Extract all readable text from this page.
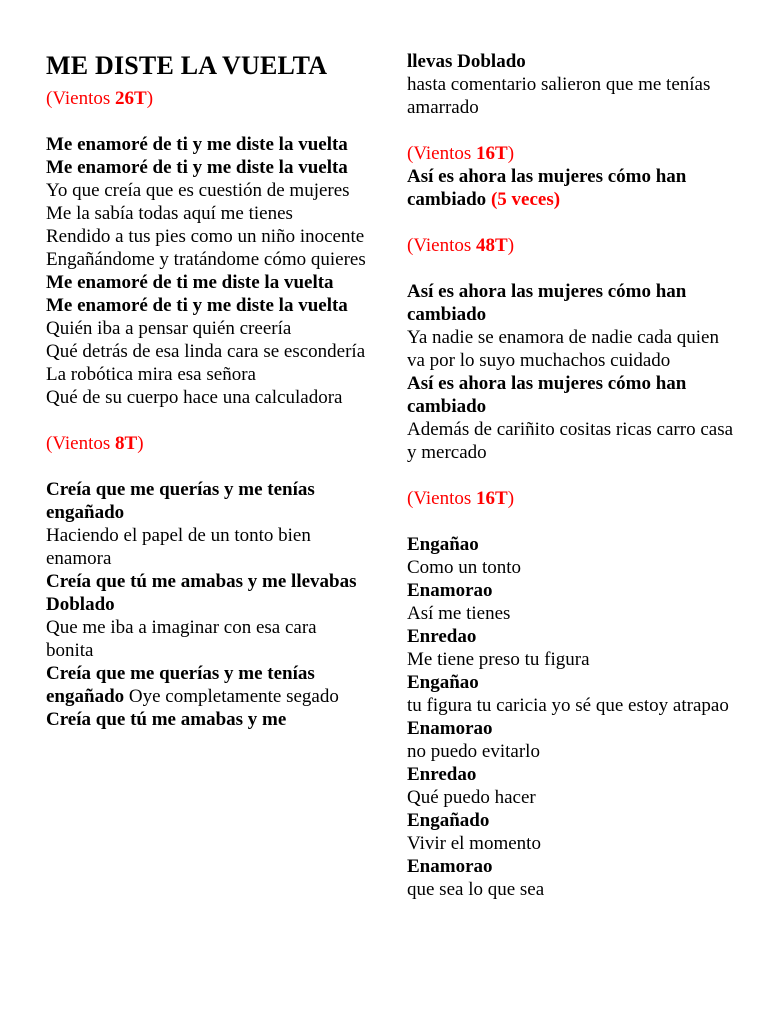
ME DISTE LA VUELTA
(Vientos 26T)
Me enamoré de ti y me diste la vuelta
Me enamoré de ti y me diste la vuelta
Yo que creía que es cuestión de mujeres
Me la sabía todas aquí me tienes
Rendido a tus pies como un niño inocente
Engañándome y tratándome cómo quieres
Me enamoré de ti me diste la vuelta
Me enamoré de ti y me diste la vuelta
Quién iba a pensar quién creería
Qué detrás de esa linda cara se escondería
La robótica mira esa señora
Qué de su cuerpo hace una calculadora
(Vientos 8T)
Creía que me querías y me tenías engañado
Haciendo el papel de un tonto bien enamora
Creía que tú me amabas y me llevabas Doblado
Que me iba a imaginar con esa cara bonita
Creía que me querías y me tenías engañado Oye completamente segado
Creía que tú me amabas y me
llevas Doblado
hasta comentario salieron que me tenías amarrado
(Vientos 16T)
Así es ahora las mujeres cómo han cambiado (5 veces)
(Vientos 48T)
Así es ahora las mujeres cómo han cambiado
Ya nadie se enamora de nadie cada quien va por lo suyo muchachos cuidado
Así es ahora las mujeres cómo han cambiado
Además de cariñito cositas ricas carro casa y mercado
(Vientos 16T)
Engañao
Como un tonto
Enamorao
Así me tienes
Enredao
Me tiene preso tu figura
Engañao
tu figura tu caricia yo sé que estoy atrapao
Enamorao
no puedo evitarlo
Enredao
Qué puedo hacer
Engañado
Vivir el momento
Enamorao
que sea lo que sea
